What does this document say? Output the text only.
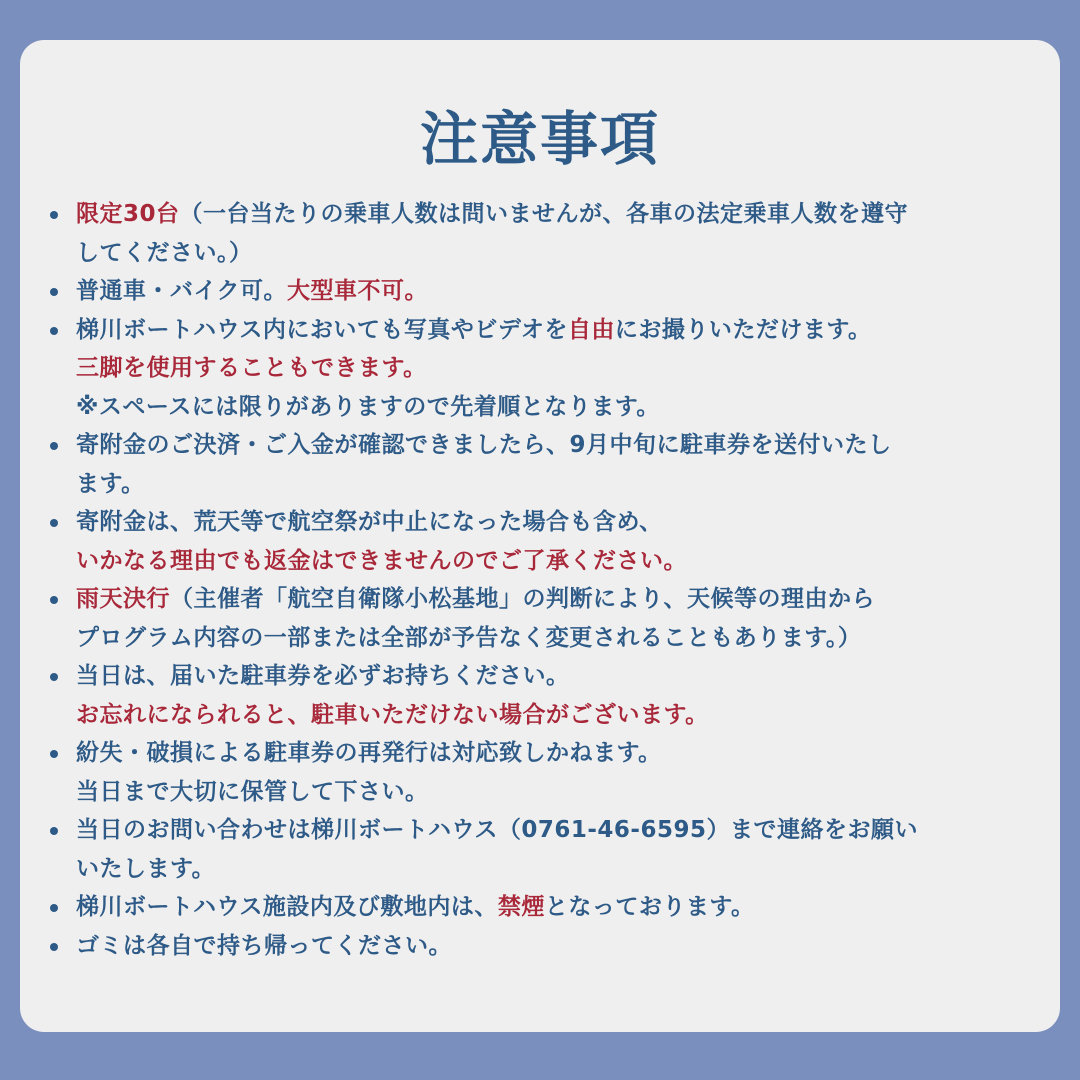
注意事項
限定30台（一台当たりの乗車人数は問いませんが、各車の法定乗車人数を遵守
してください。）
普通車・バイク可。大型車不可。
梯川ボートハウス内においても写真やビデオを自由にお撮りいただけます。
三脚を使用することもできます。
※スペースには限りがありますので先着順となります。
寄附金のご決済・ご入金が確認できましたら、9月中旬に駐車券を送付いたし
ます。
寄附金は、荒天等で航空祭が中止になった場合も含め、
いかなる理由でも返金はできませんのでご了承ください。
雨天決行（主催者「航空自衛隊小松基地」の判断により、天候等の理由から
プログラム内容の一部または全部が予告なく変更されることもあります。）
当日は、届いた駐車券を必ずお持ちください。
お忘れになられると、駐車いただけない場合がございます。
紛失・破損による駐車券の再発行は対応致しかねます。
当日まで大切に保管して下さい。
当日のお問い合わせは梯川ボートハウス（0761-46-6595）まで連絡をお願い
いたします。
梯川ボートハウス施設内及び敷地内は、禁煙となっております。
ゴミは各自で持ち帰ってください。
